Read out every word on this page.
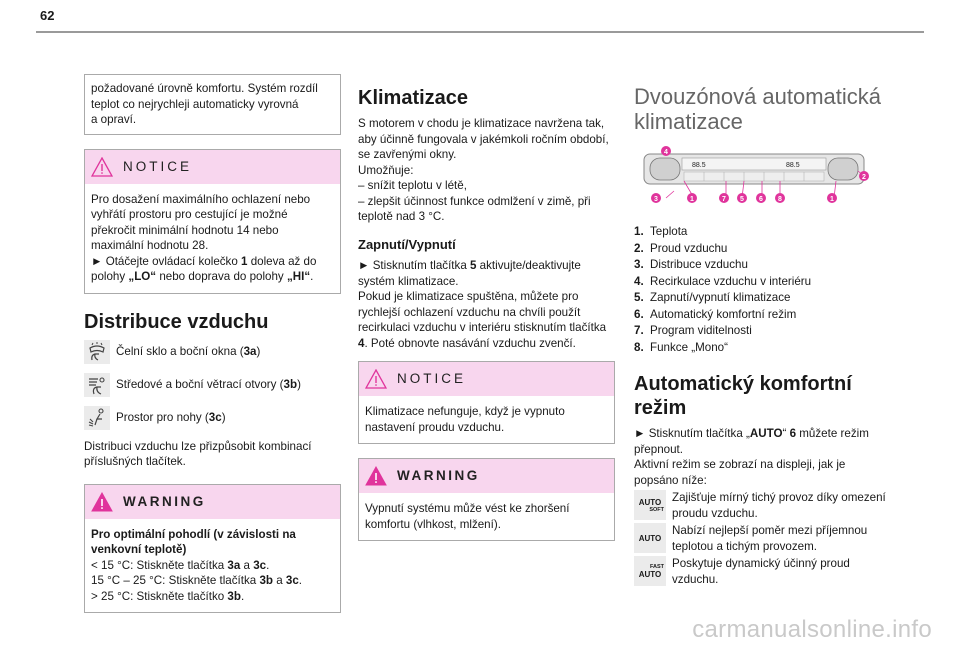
62
požadované úrovně komfortu. Systém rozdíl
teplot co nejrychleji automaticky vyrovná
a opraví.
NOTICE
Pro dosažení maximálního ochlazení nebo
vyhřátí prostoru pro cestující je možné
překročit minimální hodnotu 14 nebo
maximální hodnotu 28.
► Otáčejte ovládací kolečko 1 doleva až do
polohy „LO“ nebo doprava do polohy „HI“.
Distribuce vzduchu
Čelní sklo a boční okna (3a)
Středové a boční větrací otvory (3b)
Prostor pro nohy (3c)
Distribuci vzduchu lze přizpůsobit kombinací
příslušných tlačítek.
WARNING
Pro optimální pohodlí (v závislosti na
venkovní teplotě)
< 15 °C: Stiskněte tlačítka 3a a 3c.
15 °C – 25 °C: Stiskněte tlačítka 3b a 3c.
> 25 °C: Stiskněte tlačítko 3b.
Klimatizace
S motorem v chodu je klimatizace navržena tak,
aby účinně fungovala v jakémkoli ročním období,
se zavřenými okny.
Umožňuje:
– snížit teplotu v létě,
– zlepšit účinnost funkce odmlžení v zimě, při
teplotě nad 3 °C.
Zapnutí/Vypnutí
► Stisknutím tlačítka 5 aktivujte/deaktivujte
systém klimatizace.
Pokud je klimatizace spuštěna, můžete pro
rychlejší ochlazení vzduchu na chvíli použít
recirkulaci vzduchu v interiéru stisknutím tlačítka
4. Poté obnovte nasávání vzduchu zvenčí.
NOTICE
Klimatizace nefunguje, když je vypnuto
nastavení proudu vzduchu.
WARNING
Vypnutí systému může vést ke zhoršení
komfortu (vlhkost, mlžení).
Dvouzónová automatická
klimatizace
88.5	88.5
4
2
3	1	7 5 6 8	1
1. Teplota
2. Proud vzduchu
3. Distribuce vzduchu
4. Recirkulace vzduchu v interiéru
5. Zapnutí/vypnutí klimatizace
6. Automatický komfortní režim
7. Program viditelnosti
8. Funkce „Mono“
Automatický komfortní
režim
► Stisknutím tlačítka „AUTO“ 6 můžete režim
přepnout.
Aktivní režim se zobrazí na displeji, jak je
popsáno níže:
AUTO
SOFT
Zajišťuje mírný tichý provoz díky omezení
proudu vzduchu.
AUTO
Nabízí nejlepší poměr mezi příjemnou
teplotou a tichým provozem.
FAST
AUTO
Poskytuje dynamický účinný proud
vzduchu.
carmanualsonline.info
